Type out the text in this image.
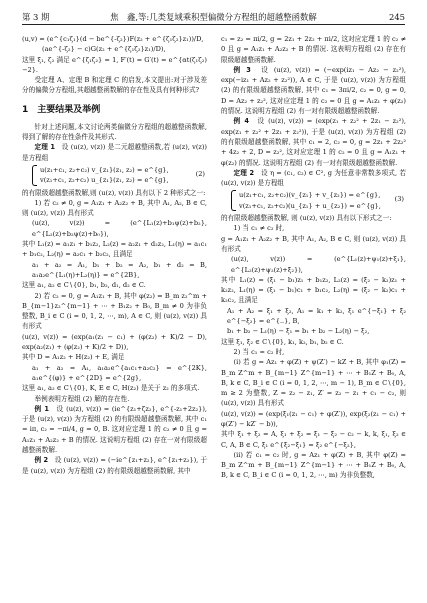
第 3 期	焦　鑫,等:几类复域乘积型偏微分方程组的超越整函数解	245

(u,v) = (e^{c₁ζ₁}(d − be^{-ζ₂})F(z₂ + e^{ζ₁ζ₂}z₁))/D,

(ae^{-ζ₂} − c)G(z₂ + e^{ζ₁ζ₂}z₁)/D),

这里 ξ₁, ζ₂ 满足 e^{ζ₁ζ₂} = 1, F′(t) = G′(t) = e^{αt(ζ₁ζ₂)−2}.

受定理 A、定理 B 和定理 C 的启发,本文提出:对于涉及差分的偏微分方程组,其超越整函数解的存在性及具有何种形式?

1　主要结果及举例

针对上述问题,本文讨论两类偏微分方程组的超越整函数解,得到了解的存在性条件及其形式.

定理 1　 设 (u(z), v(z)) 是二元超越整函数,若 (u(z), v(z)) 是方程组

u(z₁+c₁, z₂+c₂) v_{z₁}(z₁, z₂) = e^{g},
v(z₁+c₁, z₂+c₂) u_{z₁}(z₁, z₂) = e^{g},
(2)

的有限级超越整函数解,则 (u(z), v(z)) 具有以下 2 种形式之一:

1) 若 c₂ ≠ 0, g = A₁z₁ + A₂z₂ + B, 其中 A₁, A₂, B ∈ C, 则 (u(z), v(z)) 具有形式

(u(z), v(z)) = (e^{L₁(z)+b₁ψ(z)+b₂}, e^{L₂(z)+b₂ψ(z)+b₀}),

其中 L₁(z) = a₁z₁ + b₁z₂, L₂(z) = a₂z₁ + d₂z₂, L₁(η) = a₁c₁ + b₁c₂, L₂(η) = a₂c₁ + b₂c₂, 且满足

a₁ + a₂ = A₁, b₁ + b₂ = A₂, b₁ + d₂ = B, a₁a₂e^{L₁(η)+L₂(η)} = e^{2B},

这里 a₁, a₂ ∈ C∖{0}, b₁, b₂, d₁, d₂ ∈ C.

2) 若 c₂ = 0, g = A₁z₁ + B, 其中 φ(z₂) = B_m z₂^m + B_{m−1}z₂^{m−1} + ⋯ + B₁z₂ + B₀, B_m ≠ 0 为非负整数, B_i ∈ C (i = 0, 1, 2, ⋯, m), A ∈ C, 则 (u(z), v(z)) 具有形式

(u(z), v(z)) = (exp(a₁(z₁ − c₁) + (φ(z₂) + K)/2 − D), exp(a₂(z₁) + (φ(z₂) + K)/2 + D)),

其中 D = A₁z₂ + H(z₂) + E, 满足

a₁ + a₂ = A₁, a₁a₂e^{a₁c₁+a₂c₂} = e^{2K}, a₁e^{(φ)} + e^{2D} = e^{2g},

这里 a₁, a₂ ∈ C∖{0}, K, E ∈ C, H(z₂) 是关于 z₂ 的多项式.

举例表明方程组 (2) 解的存在性.

例 1　 设 (u(z), v(z)) = (ie^{z₁+ζz₂}, e^{-z₁+2z₂}), 于是 (u(z), v(z)) 为方程组 (2) 的有限级超越整函数解, 其中 c₁ = iπ, c₂ = −πi/4, g = 0, B. 这对应定理 1 的 c₂ ≠ 0 且 g = A₁z₁ + A₂z₂ + B 的情况. 这说明方程组 (2) 存在一对有限级超越整函数解.

例 2　 设 (u(z), v(z)) = (−ie^{z₁+z₂}, e^{z₁+z₂}), 于是 (u(z), v(z)) 为方程组 (2) 的有限级超越整函数解, 其中

c₁ = z₂ = πi/2, g = 2z₁ + 2z₂ + πi/2, 这对应定理 1 的 c₂ ≠ 0 且 g = A₁z₁ + A₂z₂ + B 的情况. 这表明方程组 (2) 存在有限级超越整函数解.

例 3　 设 (u(z), v(z)) = (−exp(iz₁ − Az₂ − z₂²), exp(−iz₁ + Az₂ + z₂²)), A ∈ C, 于是 (u(z), v(z)) 为方程组 (2) 的有限级超越整函数解, 其中 c₁ = 3πi/2, c₂ = 0, g = 0, D = Az₂ + z₂², 这对应定理 1 的 c₂ = 0 且 g = A₁z₁ + φ(z₂) 的情况. 这说明方程组 (2) 有一对有限级超越整函数解.

例 4　 设 (u(z), v(z)) = (exp(z₁ + z₂² + 2z₁ − z₂²), exp(z₁ + z₂² + 2z₁ + z₂²)), 于是 (u(z), v(z)) 为方程组 (2) 的有限级超越整函数解, 其中 c₁ = 2, c₂ = 0, g = 2z₁ + 2z₂² + 4z₂ + 2, D = z₂², 这对应定理 1 的 c₂ = 0 且 g = A₁z₁ + φ(z₂) 的情况. 这说明方程组 (2) 有一对有限级超越整函数解.

定理 2　 设 η = (c₁, c₂) ∈ C², g 为任意非常数多项式, 若 (u(z), v(z)) 是方程组

u(z₁+c₁, z₂+c₂)(v_{z₁} + v_{z₂}) = e^{g},
v(z₁+c₁, z₂+c₂)(u_{z₁} + u_{z₂}) = e^{g},
(3)

的有限级超越整函数解, 则 (u(z), v(z)) 具有以下形式之一:

1) 当 c₁ ≠ c₂ 时,

g = A₁z₁ + A₂z₂ + B, 其中 A₁, A₂, B ∈ C, 则 (u(z), v(z)) 具有形式

(u(z), v(z)) = (e^{L₁(z)+ψ₁(z)+ξ₁}, e^{L₂(z)+ψ₂(z)+ξ₂}),

其中 L₁(z) = (ξ₁ − b₁)z₁ + b₁z₂, L₂(z) = (ξ₂ − k₂)z₁ + k₂z₂, L₁(η) = (ξ₁ − b₁)c₁ + b₁c₂, L₂(η) = (ξ₂ − k₂)c₁ + k₂c₂, 且满足

A₁ + A₂ = ξ₁ + ξ₂, A₁ = k₁ + k₂, ξ₁ e^{−ξ₁} + ξ₂ e^{−ξ₂} = e^{..}, B,

b₁ + b₂ − L₁(η) − ξ₁ = b₁ + b₂ − L₂(η) − ξ₂,

这里 ξ₁, ξ₂ ∈ C∖{0}, k₁, k₂, b₁, b₂ ∈ C.

2) 当 c₁ = c₂ 时,

(i) 若 g = Az₁ + φ(Z) + ψ(Z′) − kZ + B, 其中 φ₁(Z) = B_m Z^m + B_{m−1} Z^{m−1} + ⋯ + B₁Z + B₀, A, B, k ∈ C, B_i ∈ C (i = 0, 1, 2, ⋯, m − 1), B_m ∈ C∖{0}, m ≥ 2 为整数, Z = z₂ − z₁, Z′ = z₂ − z₁ + c₁ − c₂, 则 (u(z), v(z)) 具有形式

(u(z), v(z)) = (exp(ξ₁(z₁ − c₁) + φ(Z′)), exp(ξ₂(z₁ − c₁) + φ(Z′) − kZ′ − b)),

其中 ξ₁ + ξ₂ = A, ξ₁ + ξ₂ = ξ₁ − ξ₂ − c₂ − k, k, ξ₁, ξ₂ ∈ C, A, B ∈ C, ξ₁ e^{ξ₂−ξ₁} = ξ₂ e^{−ξ₂},

(ii) 若 c₁ = c₂ 时, g = Az₁ + φ(Z) + B, 其中 φ(Z) = B_m Z^m + B_{m−1} Z^{m−1} + ⋯ + B₁Z + B₀, A, B, k ∈ C, B_i ∈ C (i = 0, 1, 2, ⋯, m) 为非负整数,
